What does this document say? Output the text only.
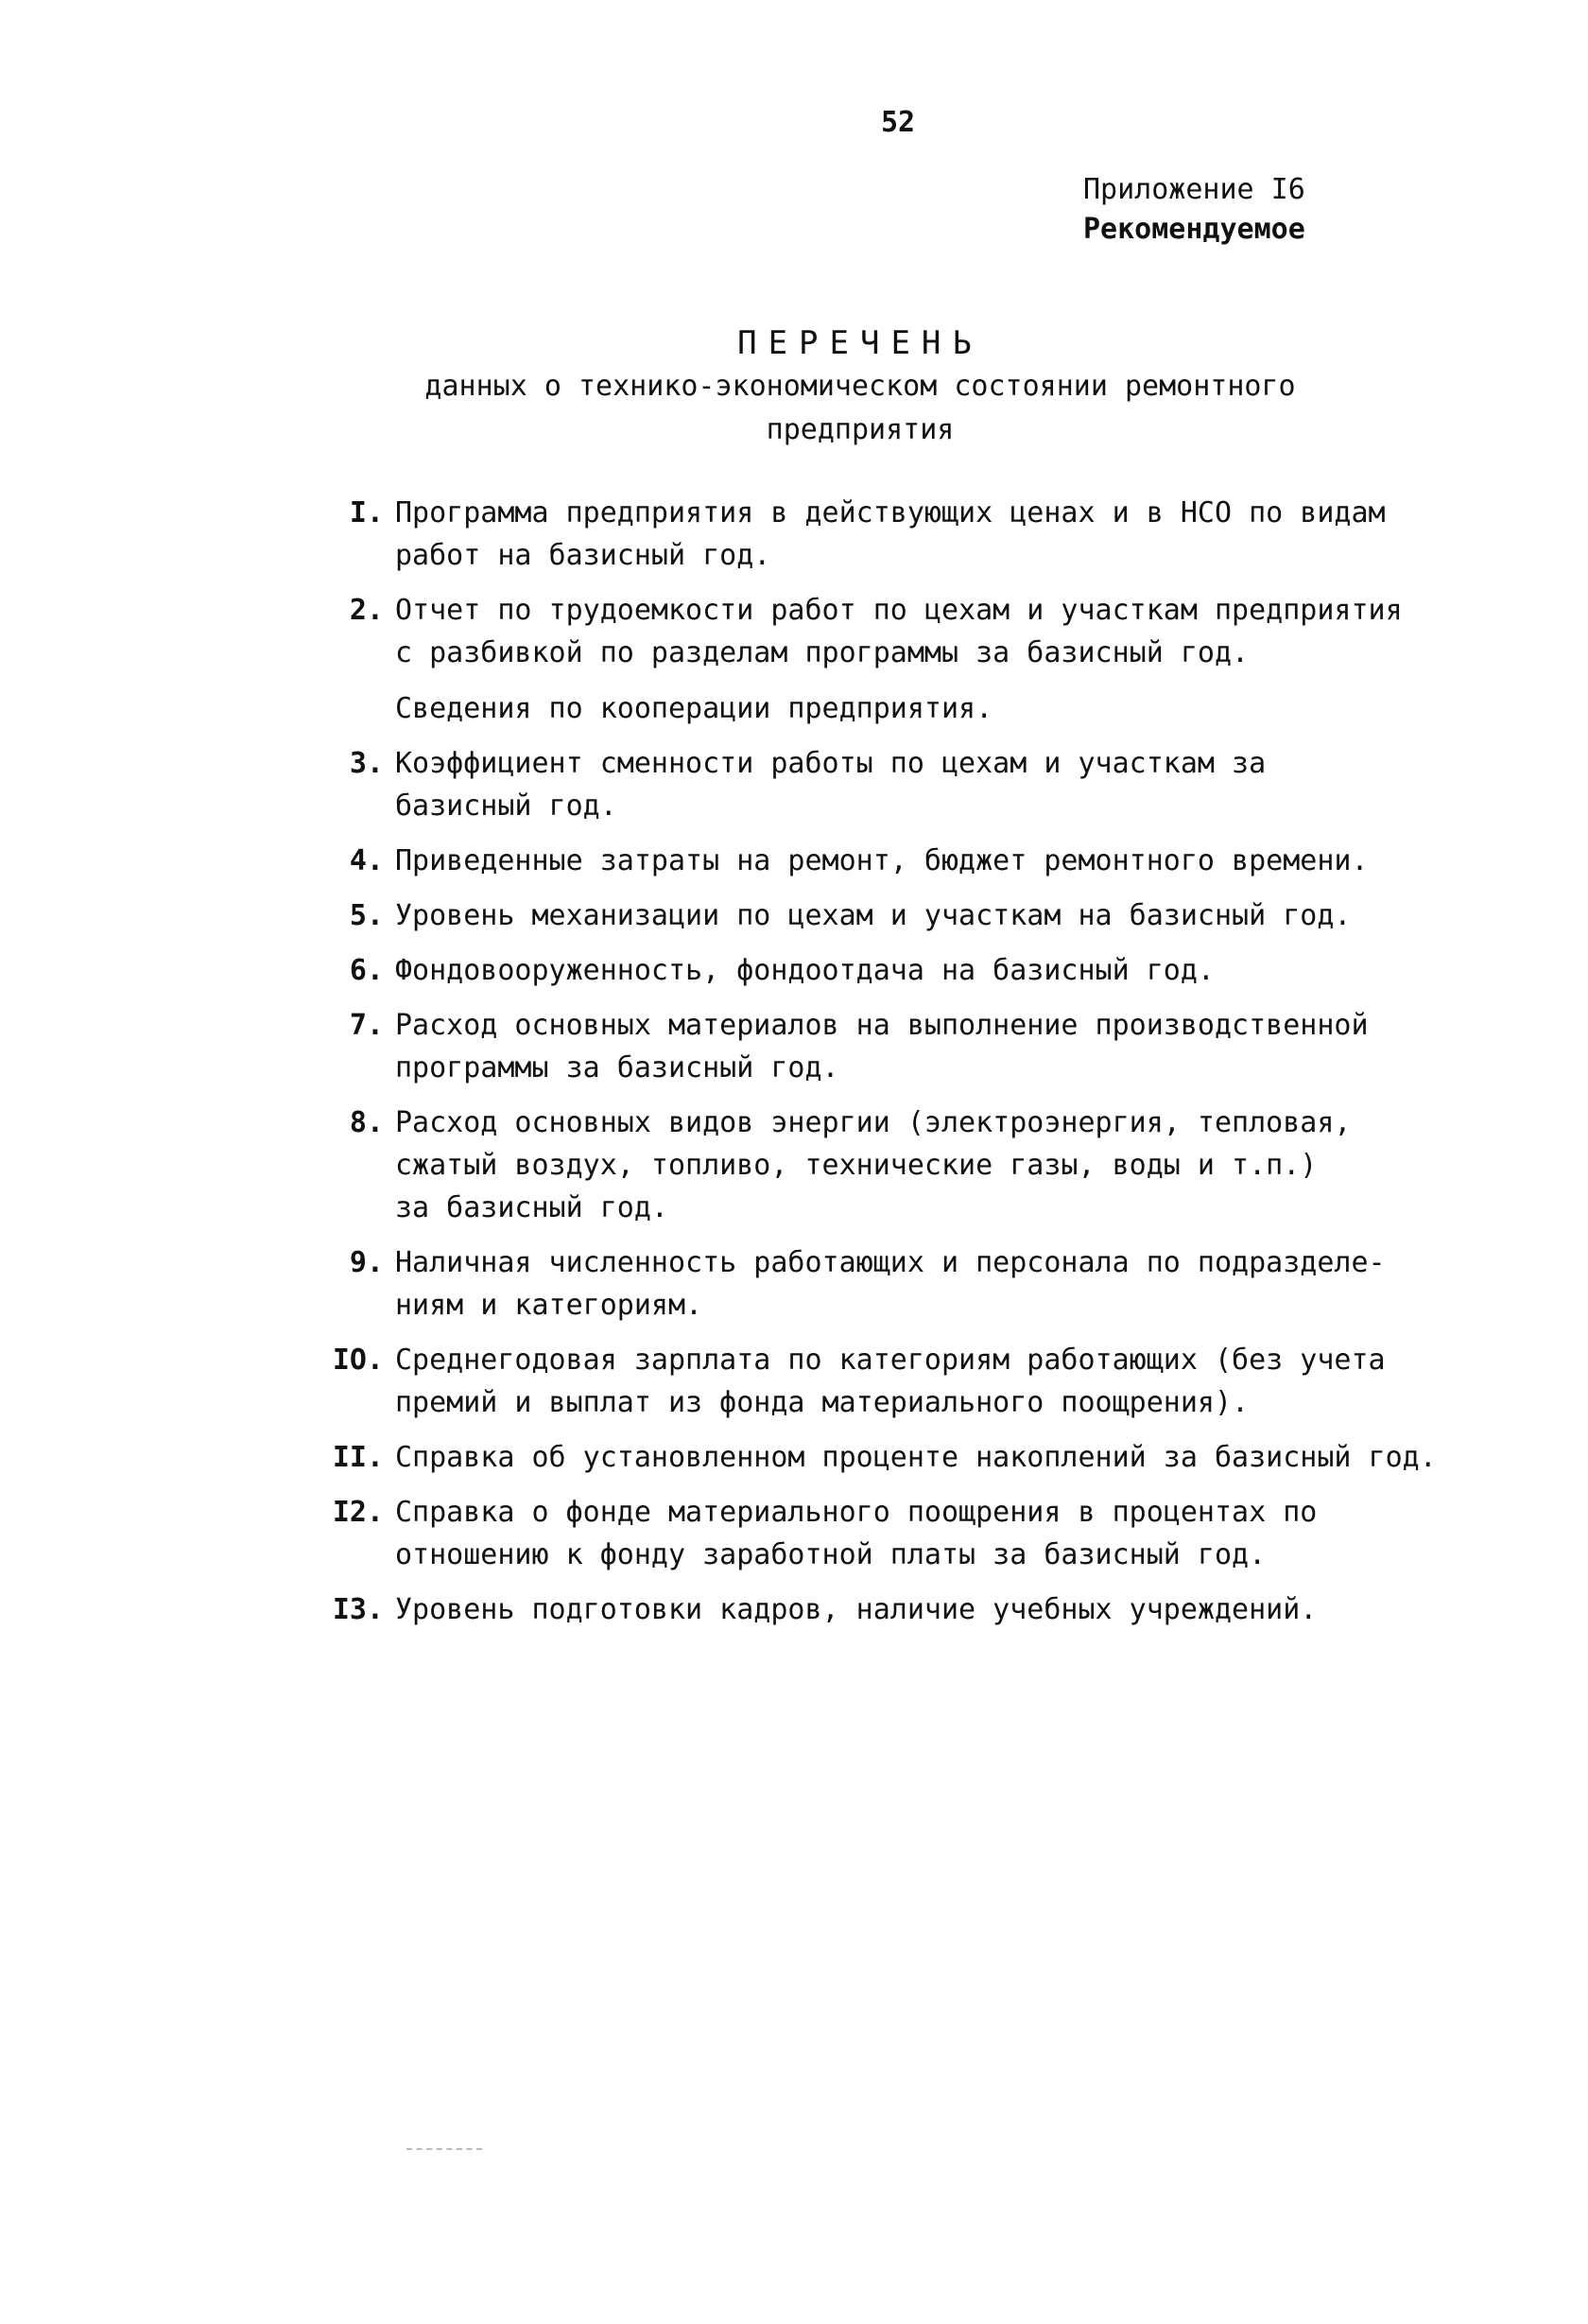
52
Приложение I6
Рекомендуемое
ПЕРЕЧЕНЬ
данных о технико-экономическом состоянии ремонтного
предприятия
I. Программа предприятия в действующих ценах и в НСО по видам

работ на базисный год.

2. Отчет по трудоемкости работ по цехам и участкам предприятия

с разбивкой по разделам программы за базисный год.

Сведения по кооперации предприятия.

3. Коэффициент сменности работы по цехам и участкам за

базисный год.

4. Приведенные затраты на ремонт, бюджет ремонтного времени.

5. Уровень механизации по цехам и участкам на базисный год.

6. Фондовооруженность, фондоотдача на базисный год.

7. Расход основных материалов на выполнение производственной

программы за базисный год.

8. Расход основных видов энергии (электроэнергия, тепловая,

сжатый воздух, топливо, технические газы, воды и т.п.)

за базисный год.

9. Наличная численность работающих и персонала по подразделе-

ниям и категориям.

IO. Среднегодовая зарплата по категориям работающих (без учета

премий и выплат из фонда материального поощрения).

II. Справка об установленном проценте накоплений за базисный год.

I2. Справка о фонде материального поощрения в процентах по

отношению к фонду заработной платы за базисный год.

I3. Уровень подготовки кадров, наличие учебных учреждений.
